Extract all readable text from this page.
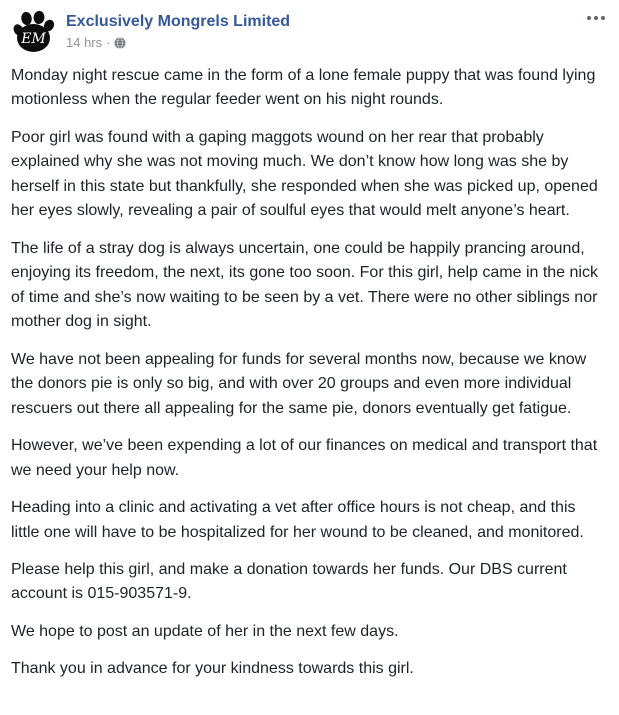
EM
Exclusively Mongrels Limited
14 hrs ·

Monday night rescue came in the form of a lone female puppy that was found lying motionless when the regular feeder went on his night rounds.

Poor girl was found with a gaping maggots wound on her rear that probably explained why she was not moving much. We don’t know how long was she by herself in this state but thankfully, she responded when she was picked up, opened her eyes slowly, revealing a pair of soulful eyes that would melt anyone’s heart.

The life of a stray dog is always uncertain, one could be happily prancing around, enjoying its freedom, the next, its gone too soon. For this girl, help came in the nick of time and she’s now waiting to be seen by a vet. There were no other siblings nor mother dog in sight.

We have not been appealing for funds for several months now, because we know the donors pie is only so big, and with over 20 groups and even more individual rescuers out there all appealing for the same pie, donors eventually get fatigue.

However, we’ve been expending a lot of our finances on medical and transport that we need your help now.

Heading into a clinic and activating a vet after office hours is not cheap, and this little one will have to be hospitalized for her wound to be cleaned, and monitored.

Please help this girl, and make a donation towards her funds. Our DBS current account is 015-903571-9.

We hope to post an update of her in the next few days.

Thank you in advance for your kindness towards this girl.
